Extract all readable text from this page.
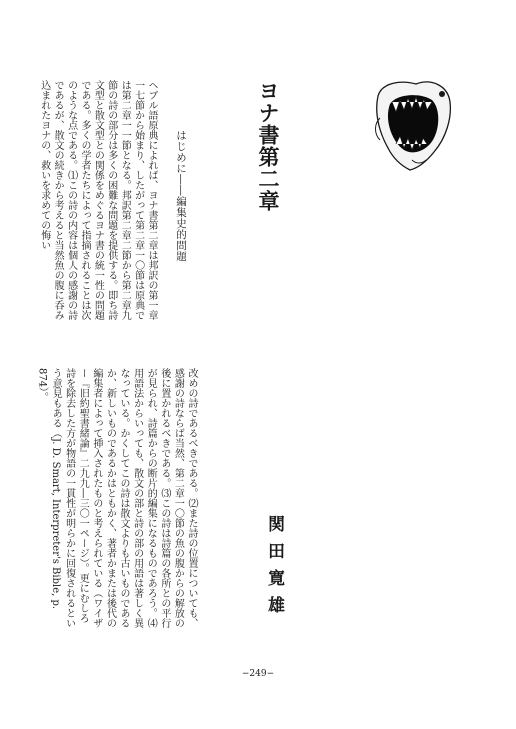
ヨナ書第二章
はじめに――編集史的問題
ヘブル語原典によれば、ヨナ書第二章は邦訳の第一章一七節から始まり、したがって第二章一〇節は原典では第二章一一節となる。邦訳第二章二節から第二章九節の詩の部分は多くの困難な問題を提供する。即ち詩文型と散文型との関係をめぐるヨナ書の統一性の問題である。多くの学者たちによって指摘されることは次のような点である。⑴この詩の内容は個人の感謝の詩であるが、散文の続きから考えると当然魚の腹に呑み込まれたヨナの、救いを求めての悔い
改めの詩であるべきである。⑵また詩の位置についても、感謝の詩ならば当然、第二章一〇節の魚の腹からの解放の後に置かれるべきである。⑶この詩は詩篇の各所との平行が見られ、詩篇からの断片的編集になるものであろう。⑷用語法からいっても、散文の部と詩の部の用語は著しく異なっている。かくしてこの詩は散文よりも古いものであるか、新しいものであるかはともかく、著者かまたは後代の編集者によって挿入されたものと考えられている（ワイザー『旧約聖書緒論』二九九―三〇一ページ）。更にむしろ詩を除去した方が物語の一貫性が明らかに回復されるという意見もある（J. D. Smart, Interpreter's Bible, p. 874）。
関田寛雄
−249−
